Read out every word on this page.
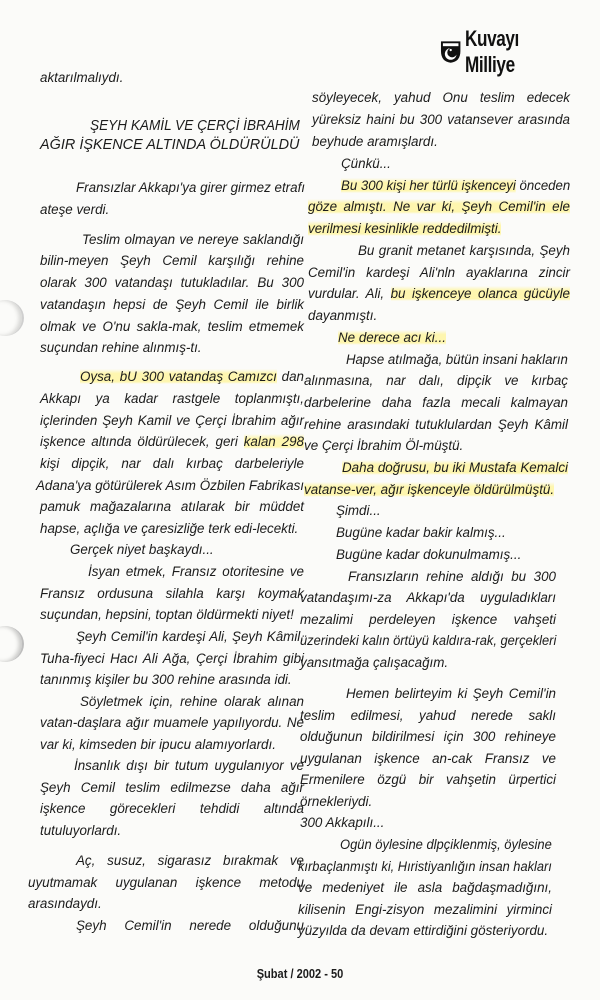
Kuvayı Milliye
aktarılmalıydı.
ŞEYH KAMİL VE ÇERÇİ İBRAHİM
AĞIR İŞKENCE ALTINDA ÖLDÜRÜLDÜ
Fransızlar Akkapı'ya girer girmez etrafı
ateşe verdi.
Teslim olmayan ve nereye saklandığı
bilin-meyen Şeyh Cemil karşılığı rehine
olarak 300 vatandaşı tutukladılar. Bu 300
vatandaşın hepsi de Şeyh Cemil ile birlik
olmak ve O'nu sakla-mak, teslim etmemek
suçundan rehine alınmış-tı.
Oysa, bU 300 vatandaş Camızcı dan
Akkapı ya kadar rastgele toplanmıştı,
içlerinden Şeyh Kamil ve Çerçi İbrahim ağır
işkence altında öldürülecek, geri kalan 298
kişi dipçik, nar dalı kırbaç darbeleriyle
Adana'ya götürülerek Asım Özbilen Fabrikası
pamuk mağazalarına atılarak bir müddet
hapse, açlığa ve çaresizliğe terk edi-lecekti.
Gerçek niyet başkaydı...
İsyan etmek, Fransız otoritesine ve
Fransız ordusuna silahla karşı koymak
suçundan, hepsini, toptan öldürmekti niyet!
Şeyh Cemil'in kardeşi Ali, Şeyh Kâmil,
Tuha-fiyeci Hacı Ali Ağa, Çerçi İbrahim gibi
tanınmış kişiler bu 300 rehine arasında idi.
Söyletmek için, rehine olarak alınan
vatan-daşlara ağır muamele yapılıyordu. Ne
var ki, kimseden bir ipucu alamıyorlardı.
İnsanlık dışı bir tutum uygulanıyor ve
Şeyh Cemil teslim edilmezse daha ağır
işkence görecekleri tehdidi altında
tutuluyorlardı.
Aç, susuz, sigarasız bırakmak ve
uyutmamak uygulanan işkence metodu
arasındaydı.
Şeyh Cemil'in nerede olduğunu
söyleyecek, yahud Onu teslim edecek
yüreksiz haini bu 300 vatansever arasında
beyhude aramışlardı.
Çünkü...
Bu 300 kişi her türlü işkenceyi önceden
göze almıştı. Ne var ki, Şeyh Cemil'in ele
verilmesi kesinlikle reddedilmişti.
Bu granit metanet karşısında, Şeyh
Cemil'in kardeşi Ali'nln ayaklarına zincir
vurdular. Ali, bu işkenceye olanca gücüyle
dayanmıştı.
Ne derece acı ki...
Hapse atılmağa, bütün insani hakların
alınmasına, nar dalı, dipçik ve kırbaç
darbelerine daha fazla mecali kalmayan
rehine arasındaki tutuklulardan Şeyh Kâmil
ve Çerçi İbrahim Öl-müştü.
Daha doğrusu, bu iki Mustafa Kemalci
vatanse-ver, ağır işkenceyle öldürülmüştü.
Şimdi...
Bugüne kadar bakir kalmış...
Bugüne kadar dokunulmamış...
Fransızların rehine aldığı bu 300
vatandaşımı-za Akkapı'da uyguladıkları
mezalimi perdeleyen işkence vahşeti
üzerindeki kalın örtüyü kaldıra-rak, gerçekleri
yansıtmağa çalışacağım.
Hemen belirteyim ki Şeyh Cemil'in
teslim edilmesi, yahud nerede saklı
olduğunun bildirilmesi için 300 rehineye
uygulanan işkence an-cak Fransız ve
Ermenilere özgü bir vahşetin ürpertici
örnekleriydi.
300 Akkapılı...
Ogün öylesine dlpçiklenmiş, öylesine
kırbaçlanmıştı ki, Hıristiyanlığın insan hakları
ve medeniyet ile asla bağdaşmadığını,
kilisenin Engi-zisyon mezalimini yirminci
yüzyılda da devam ettirdiğini gösteriyordu.
Şubat / 2002 - 50
